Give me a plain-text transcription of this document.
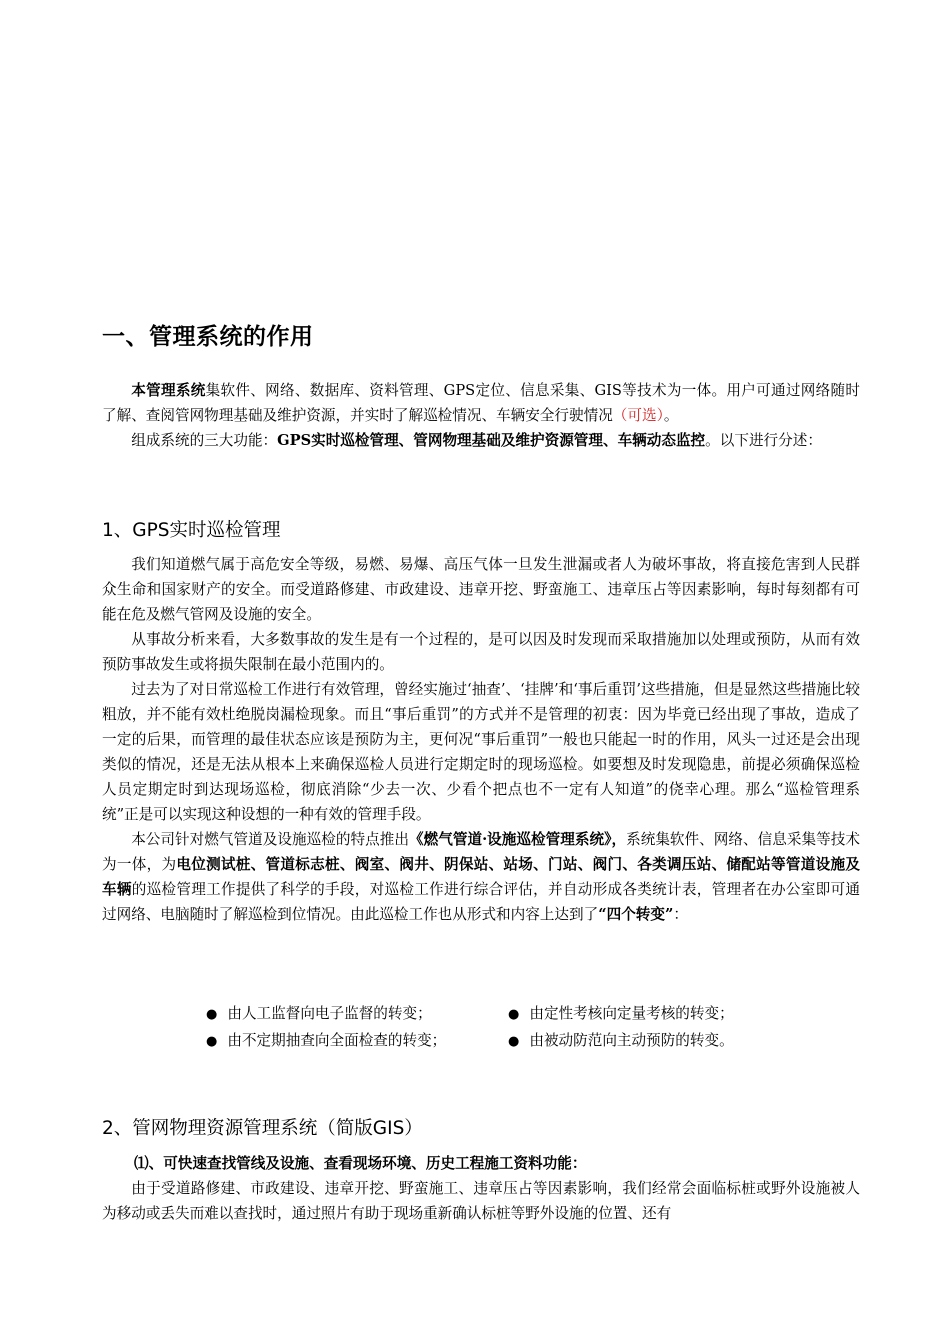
一、管理系统的作用

本管理系统集软件、网络、数据库、资料管理、GPS定位、信息采集、GIS等技术为一体。用户可通过网络随时了解、查阅管网物理基础及维护资源，并实时了解巡检情况、车辆安全行驶情况（可选）。

组成系统的三大功能：GPS实时巡检管理、管网物理基础及维护资源管理、车辆动态监控。以下进行分述：

1、GPS实时巡检管理

我们知道燃气属于高危安全等级，易燃、易爆、高压气体一旦发生泄漏或者人为破坏事故，将直接危害到人民群众生命和国家财产的安全。而受道路修建、市政建设、违章开挖、野蛮施工、违章压占等因素影响，每时每刻都有可能在危及燃气管网及设施的安全。

从事故分析来看，大多数事故的发生是有一个过程的，是可以因及时发现而采取措施加以处理或预防，从而有效预防事故发生或将损失限制在最小范围内的。

过去为了对日常巡检工作进行有效管理，曾经实施过‘抽查’、‘挂牌’和‘事后重罚’这些措施，但是显然这些措施比较粗放，并不能有效杜绝脱岗漏检现象。而且“事后重罚”的方式并不是管理的初衷：因为毕竟已经出现了事故，造成了一定的后果，而管理的最佳状态应该是预防为主，更何况“事后重罚”一般也只能起一时的作用，风头一过还是会出现类似的情况，还是无法从根本上来确保巡检人员进行定期定时的现场巡检。如要想及时发现隐患，前提必须确保巡检人员定期定时到达现场巡检，彻底消除“少去一次、少看个把点也不一定有人知道”的侥幸心理。那么“巡检管理系统”正是可以实现这种设想的一种有效的管理手段。

本公司针对燃气管道及设施巡检的特点推出《燃气管道·设施巡检管理系统》，系统集软件、网络、信息采集等技术为一体，为电位测试桩、管道标志桩、阀室、阀井、阴保站、站场、门站、阀门、各类调压站、储配站等管道设施及车辆的巡检管理工作提供了科学的手段，对巡检工作进行综合评估，并自动形成各类统计表，管理者在办公室即可通过网络、电脑随时了解巡检到位情况。由此巡检工作也从形式和内容上达到了“四个转变”：

● 由人工监督向电子监督的转变；	● 由定性考核向定量考核的转变；
● 由不定期抽查向全面检查的转变；	● 由被动防范向主动预防的转变。
2、管网物理资源管理系统（简版GIS）
⑴、可快速查找管线及设施、查看现场环境、历史工程施工资料功能：

由于受道路修建、市政建设、违章开挖、野蛮施工、违章压占等因素影响，我们经常会面临标桩或野外设施被人为移动或丢失而难以查找时，通过照片有助于现场重新确认标桩等野外设施的位置、还有
